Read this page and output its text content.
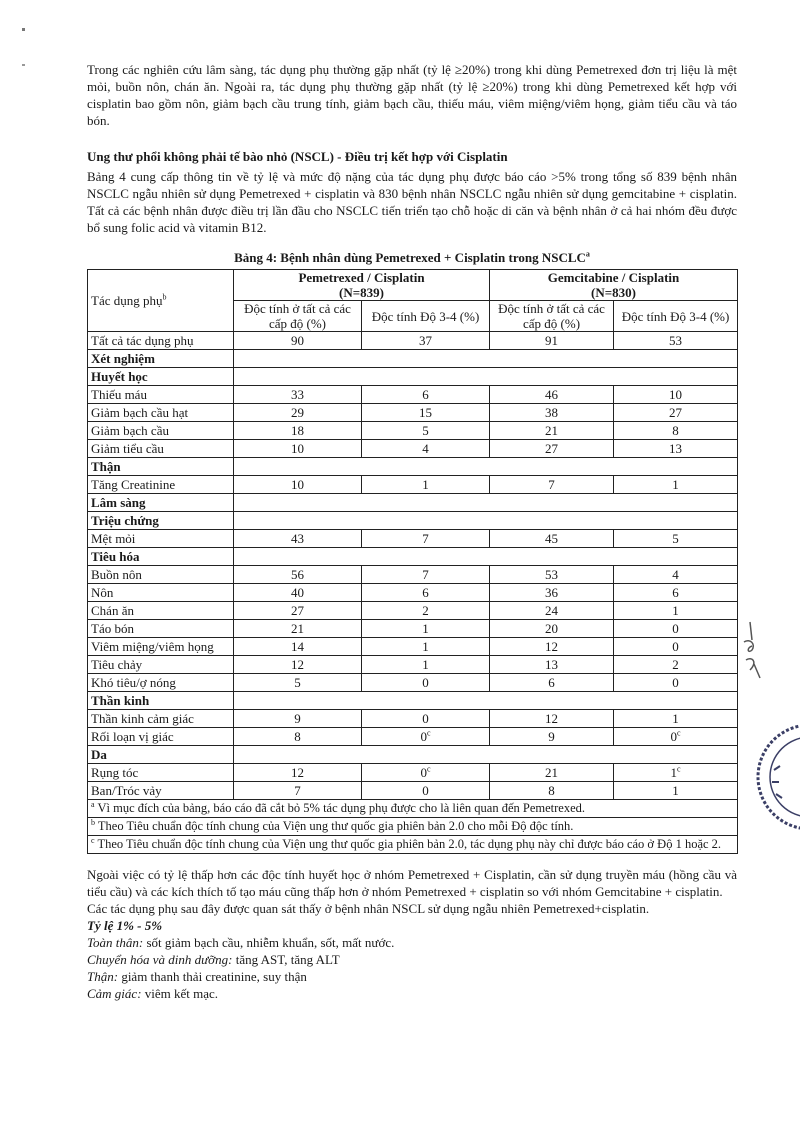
Trong các nghiên cứu lâm sàng, tác dụng phụ thường gặp nhất (tỷ lệ ≥20%) trong khi dùng Pemetrexed đơn trị liệu là mệt mỏi, buồn nôn, chán ăn. Ngoài ra, tác dụng phụ thường gặp nhất (tỷ lệ ≥20%) trong khi dùng Pemetrexed kết hợp với cisplatin bao gồm nôn, giảm bạch cầu trung tính, giảm bạch cầu, thiếu máu, viêm miệng/viêm họng, giảm tiểu cầu và táo bón.

Ung thư phổi không phải tế bào nhỏ (NSCL) - Điều trị kết hợp với Cisplatin

Bảng 4 cung cấp thông tin về tỷ lệ và mức độ nặng của tác dụng phụ được báo cáo >5% trong tổng số 839 bệnh nhân NSCLC ngẫu nhiên sử dụng Pemetrexed + cisplatin và 830 bệnh nhân NSCLC ngẫu nhiên sử dụng gemcitabine + cisplatin. Tất cả các bệnh nhân được điều trị lần đầu cho NSCLC tiến triển tạo chỗ hoặc di căn và bệnh nhân ở cả hai nhóm đều được bổ sung folic acid và vitamin B12.

Bảng 4: Bệnh nhân dùng Pemetrexed + Cisplatin trong NSCLC$^a$
Tác dụng phụ$^b$	Pemetrexed / Cisplatin
(N=839)		Gemcitabine / Cisplatin
(N=830)	
	Độc tính ở tất cả các cấp độ (%)	Độc tính Độ 3-4 (%)	Độc tính ở tất cả các cấp độ (%)	Độc tính Độ 3-4 (%)
Tất cả tác dụng phụ	90	37	91	53
Xét nghiệm				
Huyết học				
Thiếu máu	33	6	46	10
Giảm bạch cầu hạt	29	15	38	27
Giảm bạch cầu	18	5	21	8
Giảm tiểu cầu	10	4	27	13
Thận				
Tăng Creatinine	10	1	7	1
Lâm sàng				
Triệu chứng				
Mệt mỏi	43	7	45	5
Tiêu hóa				
Buồn nôn	56	7	53	4
Nôn	40	6	36	6
Chán ăn	27	2	24	1
Táo bón	21	1	20	0
Viêm miệng/viêm họng	14	1	12	0
Tiêu chảy	12	1	13	2
Khó tiêu/ợ nóng	5	0	6	0
Thần kinh				
Thần kinh cảm giác	9	0	12	1
Rối loạn vị giác	8	0$^c$	9	0$^c$
Da				
Rụng tóc	12	0$^c$	21	1$^c$
Ban/Tróc vảy	7	0	8	1
$^a$ Vì mục đích của bảng, báo cáo đã cắt bỏ 5% tác dụng phụ được cho là liên quan đến Pemetrexed.				
$^b$ Theo Tiêu chuẩn độc tính chung của Viện ung thư quốc gia phiên bản 2.0 cho mỗi Độ độc tính.				
$^c$ Theo Tiêu chuẩn độc tính chung của Viện ung thư quốc gia phiên bản 2.0, tác dụng phụ này chỉ được báo cáo ở Độ 1 hoặc 2.				

Ngoài việc có tỷ lệ thấp hơn các độc tính huyết học ở nhóm Pemetrexed + Cisplatin, cần sử dụng truyền máu (hồng cầu và tiểu cầu) và các kích thích tố tạo máu cũng thấp hơn ở nhóm Pemetrexed + cisplatin so với nhóm Gemcitabine + cisplatin.

Các tác dụng phụ sau đây được quan sát thấy ở bệnh nhân NSCL sử dụng ngẫu nhiên Pemetrexed+cisplatin.

Tỷ lệ 1% - 5%

Toàn thân: sốt giảm bạch cầu, nhiễm khuẩn, sốt, mất nước.

Chuyển hóa và dinh dưỡng: tăng AST, tăng ALT

Thận: giảm thanh thải creatinine, suy thận

Cảm giác: viêm kết mạc.
